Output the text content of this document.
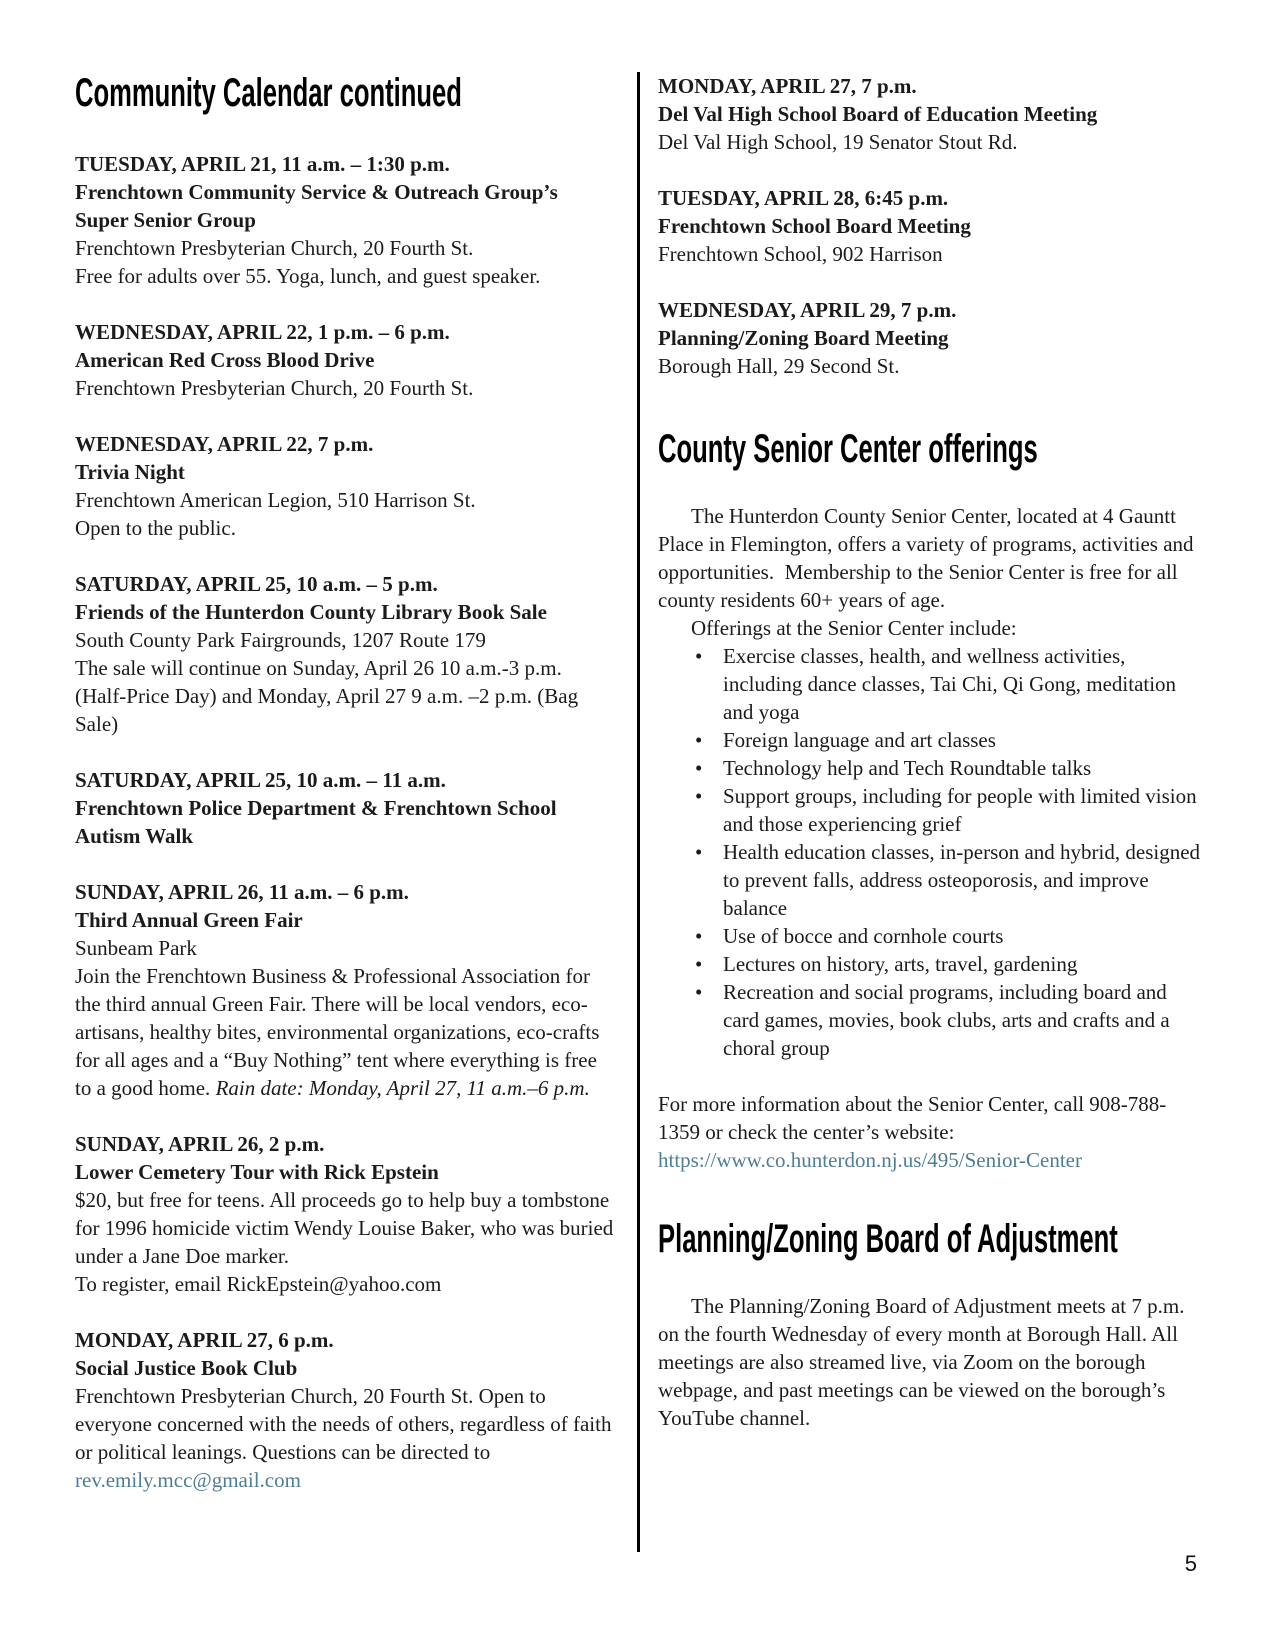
Community Calendar continued
TUESDAY, APRIL 21, 11 a.m. – 1:30 p.m.
Frenchtown Community Service & Outreach Group’s Super Senior Group
Frenchtown Presbyterian Church, 20 Fourth St.
Free for adults over 55. Yoga, lunch, and guest speaker.
WEDNESDAY, APRIL 22, 1 p.m. – 6 p.m.
American Red Cross Blood Drive
Frenchtown Presbyterian Church, 20 Fourth St.
WEDNESDAY, APRIL 22, 7 p.m.
Trivia Night
Frenchtown American Legion, 510 Harrison St.
Open to the public.
SATURDAY, APRIL 25, 10 a.m. – 5 p.m.
Friends of the Hunterdon County Library Book Sale
South County Park Fairgrounds, 1207 Route 179
The sale will continue on Sunday, April 26 10 a.m.-3 p.m. (Half-Price Day) and Monday, April 27 9 a.m. –2 p.m. (Bag Sale)
SATURDAY, APRIL 25, 10 a.m. – 11 a.m.
Frenchtown Police Department & Frenchtown School Autism Walk
SUNDAY, APRIL 26, 11 a.m. – 6 p.m.
Third Annual Green Fair
Sunbeam Park
Join the Frenchtown Business & Professional Association for the third annual Green Fair. There will be local vendors, eco-artisans, healthy bites, environmental organizations, eco-crafts for all ages and a “Buy Nothing” tent where everything is free to a good home. Rain date: Monday, April 27, 11 a.m.–6 p.m.
SUNDAY, APRIL 26, 2 p.m.
Lower Cemetery Tour with Rick Epstein
$20, but free for teens. All proceeds go to help buy a tombstone for 1996 homicide victim Wendy Louise Baker, who was buried under a Jane Doe marker.
To register, email RickEpstein@yahoo.com
MONDAY, APRIL 27, 6 p.m.
Social Justice Book Club
Frenchtown Presbyterian Church, 20 Fourth St. Open to everyone concerned with the needs of others, regardless of faith or political leanings. Questions can be directed to rev.emily.mcc@gmail.com
MONDAY, APRIL 27, 7 p.m.
Del Val High School Board of Education Meeting
Del Val High School, 19 Senator Stout Rd.
TUESDAY, APRIL 28, 6:45 p.m.
Frenchtown School Board Meeting
Frenchtown School, 902 Harrison
WEDNESDAY, APRIL 29, 7 p.m.
Planning/Zoning Board Meeting
Borough Hall, 29 Second St.
County Senior Center offerings

The Hunterdon County Senior Center, located at 4 Gauntt Place in Flemington, offers a variety of programs, activities and opportunities.  Membership to the Senior Center is free for all county residents 60+ years of age.

Offerings at the Senior Center include:

• Exercise classes, health, and wellness activities, including dance classes, Tai Chi, Qi Gong, meditation and yoga
• Foreign language and art classes
• Technology help and Tech Roundtable talks
• Support groups, including for people with limited vision and those experiencing grief
• Health education classes, in-person and hybrid, designed to prevent falls, address osteoporosis, and improve balance
• Use of bocce and cornhole courts
• Lectures on history, arts, travel, gardening
• Recreation and social programs, including board and card games, movies, book clubs, arts and crafts and a choral group

For more information about the Senior Center, call 908-788-1359 or check the center’s website:
https://www.co.hunterdon.nj.us/495/Senior-Center

Planning/Zoning Board of Adjustment

The Planning/Zoning Board of Adjustment meets at 7 p.m. on the fourth Wednesday of every month at Borough Hall. All meetings are also streamed live, via Zoom on the borough webpage, and past meetings can be viewed on the borough’s YouTube channel.

5
